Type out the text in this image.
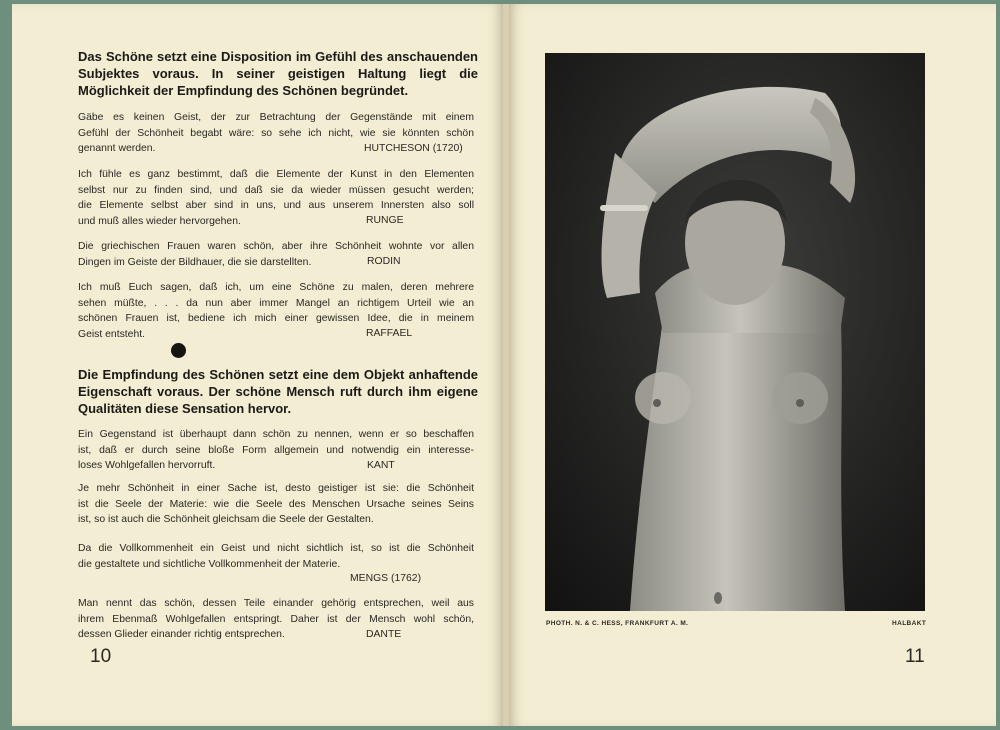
Das Schöne setzt eine Disposition im Gefühl des anschauenden Subjektes voraus. In seiner geistigen Haltung liegt die Möglichkeit der Empfindung des Schönen begründet.
Gäbe es keinen Geist, der zur Betrachtung der Gegenstände mit einem
Gefühl der Schönheit begabt wäre: so sehe ich nicht, wie sie könnten schön
genannt werden.	HUTCHESON (1720)
Ich fühle es ganz bestimmt, daß die Elemente der Kunst in den Elementen
selbst nur zu finden sind, und daß sie da wieder müssen gesucht werden;
die Elemente selbst aber sind in uns, und aus unserem Innersten also soll
und muß alles wieder hervorgehen.	RUNGE
Die griechischen Frauen waren schön, aber ihre Schönheit wohnte vor allen
Dingen im Geiste der Bildhauer, die sie darstellten.	RODIN
Ich muß Euch sagen, daß ich, um eine Schöne zu malen, deren mehrere
sehen müßte, . . . da nun aber immer Mangel an richtigem Urteil wie an
schönen Frauen ist, bediene ich mich einer gewissen Idee, die in meinem
Geist entsteht.	RAFFAEL
Die Empfindung des Schönen setzt eine dem Objekt anhaftende Eigenschaft voraus. Der schöne Mensch ruft durch ihm eigene Qualitäten diese Sensation hervor.
Ein Gegenstand ist überhaupt dann schön zu nennen, wenn er so beschaffen
ist, daß er durch seine bloße Form allgemein und notwendig ein interesse-
loses Wohlgefallen hervorruft.	KANT
Je mehr Schönheit in einer Sache ist, desto geistiger ist sie: die Schönheit
ist die Seele der Materie: wie die Seele des Menschen Ursache seines Seins
ist, so ist auch die Schönheit gleichsam die Seele der Gestalten.
Da die Vollkommenheit ein Geist und nicht sichtlich ist, so ist die Schönheit
die gestaltete und sichtliche Vollkommenheit der Materie.
MENGS (1762)
Man nennt das schön, dessen Teile einander gehörig entsprechen, weil aus
ihrem Ebenmaß Wohlgefallen entspringt. Daher ist der Mensch wohl schön,
dessen Glieder einander richtig entsprechen.	DANTE
10
PHOTH. N. & C. HESS, FRANKFURT A. M.	HALBAKT
11
